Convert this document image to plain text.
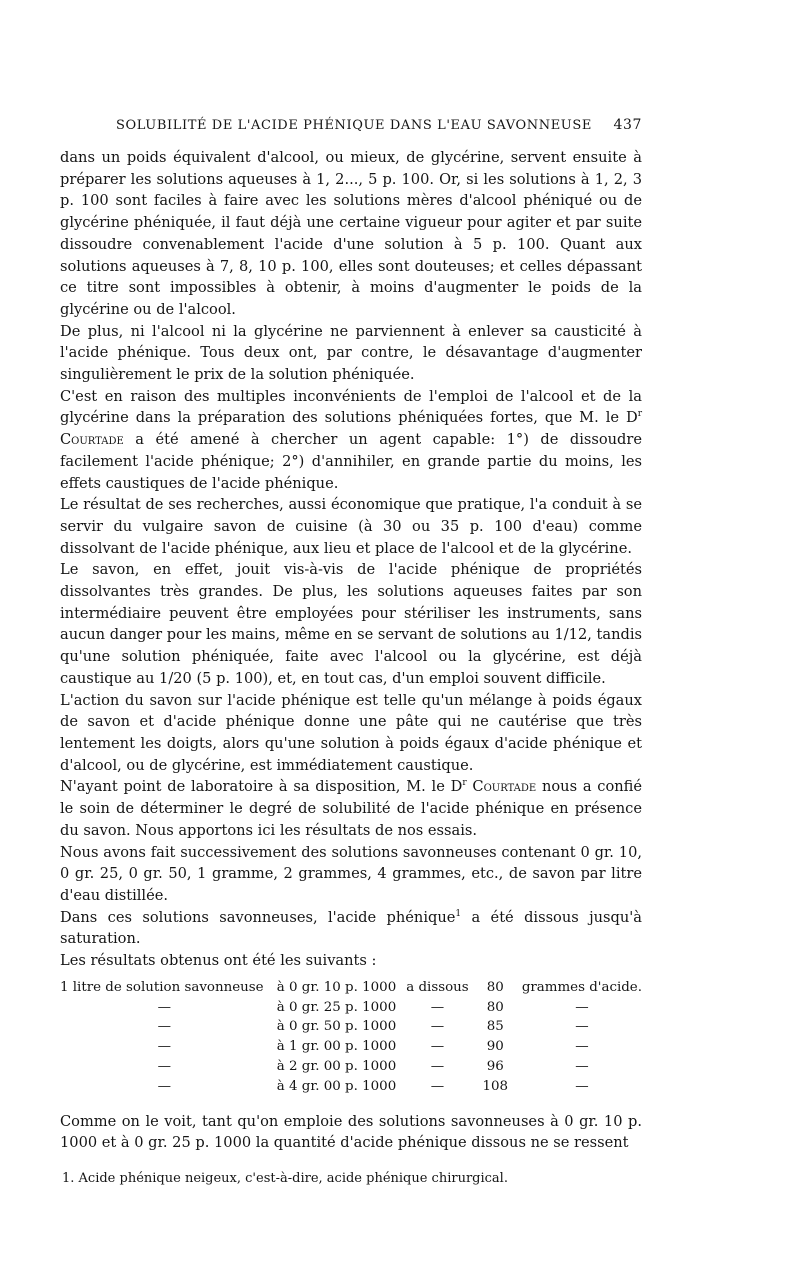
SOLUBILITÉ DE L'ACIDE PHÉNIQUE DANS L'EAU SAVONNEUSE 437

dans un poids équivalent d'alcool, ou mieux, de glycérine, servent ensuite à préparer les solutions aqueuses à 1, 2..., 5 p. 100. Or, si les solutions à 1, 2, 3 p. 100 sont faciles à faire avec les solutions mères d'alcool phéniqué ou de glycérine phéniquée, il faut déjà une certaine vigueur pour agiter et par suite dissoudre convenablement l'acide d'une solution à 5 p. 100. Quant aux solutions aqueuses à 7, 8, 10 p. 100, elles sont douteuses; et celles dépassant ce titre sont impossibles à obtenir, à moins d'augmenter le poids de la glycérine ou de l'alcool.

De plus, ni l'alcool ni la glycérine ne parviennent à enlever sa causticité à l'acide phénique. Tous deux ont, par contre, le désavantage d'augmenter singulièrement le prix de la solution phéniquée.

C'est en raison des multiples inconvénients de l'emploi de l'alcool et de la glycérine dans la préparation des solutions phéniquées fortes, que M. le $D^r$ Courtade a été amené à chercher un agent capable: 1°) de dissoudre facilement l'acide phénique; 2°) d'annihiler, en grande partie du moins, les effets caustiques de l'acide phénique.

Le résultat de ses recherches, aussi économique que pratique, l'a conduit à se servir du vulgaire savon de cuisine (à 30 ou 35 p. 100 d'eau) comme dissolvant de l'acide phénique, aux lieu et place de l'alcool et de la glycérine.

Le savon, en effet, jouit vis-à-vis de l'acide phénique de propriétés dissolvantes très grandes. De plus, les solutions aqueuses faites par son intermédiaire peuvent être employées pour stériliser les instruments, sans aucun danger pour les mains, même en se servant de solutions au 1/12, tandis qu'une solution phéniquée, faite avec l'alcool ou la glycérine, est déjà caustique au 1/20 (5 p. 100), et, en tout cas, d'un emploi souvent difficile.

L'action du savon sur l'acide phénique est telle qu'un mélange à poids égaux de savon et d'acide phénique donne une pâte qui ne cautérise que très lentement les doigts, alors qu'une solution à poids égaux d'acide phénique et d'alcool, ou de glycérine, est immédiatement caustique.

N'ayant point de laboratoire à sa disposition, M. le $D^r$ Courtade nous a confié le soin de déterminer le degré de solubilité de l'acide phénique en présence du savon. Nous apportons ici les résultats de nos essais.

Nous avons fait successivement des solutions savonneuses contenant 0 gr. 10, 0 gr. 25, 0 gr. 50, 1 gramme, 2 grammes, 4 grammes, etc., de savon par litre d'eau distillée.

Dans ces solutions savonneuses, l'acide phénique$^1$ a été dissous jusqu'à saturation.

Les résultats obtenus ont été les suivants :

1 litre de solution savonneuse	à 0 gr. 10 p. 1000	a dissous	80	grammes d'acide.
—	à 0 gr. 25 p. 1000	—	80	—
—	à 0 gr. 50 p. 1000	—	85	—
—	à 1 gr. 00 p. 1000	—	90	—
—	à 2 gr. 00 p. 1000	—	96	—
—	à 4 gr. 00 p. 1000	—	108	—

Comme on le voit, tant qu'on emploie des solutions savonneuses à 0 gr. 10 p. 1000 et à 0 gr. 25 p. 1000 la quantité d'acide phénique dissous ne se ressent

1. Acide phénique neigeux, c'est-à-dire, acide phénique chirurgical.
